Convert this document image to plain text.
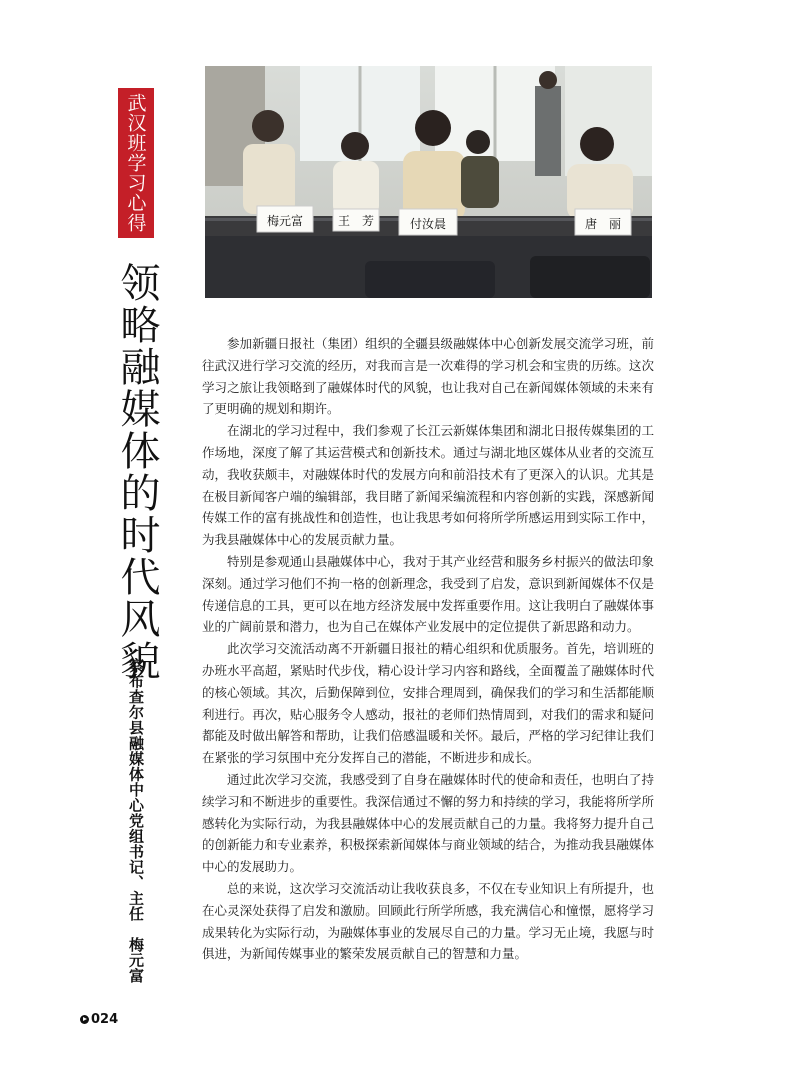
武汉班学习心得
领略融媒体的时代风貌
察布查尔县融媒体中心党组书记、主任　梅元富
梅元富	王　芳	付汝晨	唐　丽

参加新疆日报社（集团）组织的全疆县级融媒体中心创新发展交流学习班，前往武汉进行学习交流的经历，对我而言是一次难得的学习机会和宝贵的历练。这次学习之旅让我领略到了融媒体时代的风貌，也让我对自己在新闻媒体领域的未来有了更明确的规划和期许。

在湖北的学习过程中，我们参观了长江云新媒体集团和湖北日报传媒集团的工作场地，深度了解了其运营模式和创新技术。通过与湖北地区媒体从业者的交流互动，我收获颇丰，对融媒体时代的发展方向和前沿技术有了更深入的认识。尤其是在极目新闻客户端的编辑部，我目睹了新闻采编流程和内容创新的实践，深感新闻传媒工作的富有挑战性和创造性，也让我思考如何将所学所感运用到实际工作中，为我县融媒体中心的发展贡献力量。

特别是参观通山县融媒体中心，我对于其产业经营和服务乡村振兴的做法印象深刻。通过学习他们不拘一格的创新理念，我受到了启发，意识到新闻媒体不仅是传递信息的工具，更可以在地方经济发展中发挥重要作用。这让我明白了融媒体事业的广阔前景和潜力，也为自己在媒体产业发展中的定位提供了新思路和动力。

此次学习交流活动离不开新疆日报社的精心组织和优质服务。首先，培训班的办班水平高超，紧贴时代步伐，精心设计学习内容和路线，全面覆盖了融媒体时代的核心领域。其次，后勤保障到位，安排合理周到，确保我们的学习和生活都能顺利进行。再次，贴心服务令人感动，报社的老师们热情周到，对我们的需求和疑问都能及时做出解答和帮助，让我们倍感温暖和关怀。最后，严格的学习纪律让我们在紧张的学习氛围中充分发挥自己的潜能，不断进步和成长。

通过此次学习交流，我感受到了自身在融媒体时代的使命和责任，也明白了持续学习和不断进步的重要性。我深信通过不懈的努力和持续的学习，我能将所学所感转化为实际行动，为我县融媒体中心的发展贡献自己的力量。我将努力提升自己的创新能力和专业素养，积极探索新闻媒体与商业领域的结合，为推动我县融媒体中心的发展助力。

总的来说，这次学习交流活动让我收获良多，不仅在专业知识上有所提升，也在心灵深处获得了启发和激励。回顾此行所学所感，我充满信心和憧憬，愿将学习成果转化为实际行动，为融媒体事业的发展尽自己的力量。学习无止境，我愿与时俱进，为新闻传媒事业的繁荣发展贡献自己的智慧和力量。

024
